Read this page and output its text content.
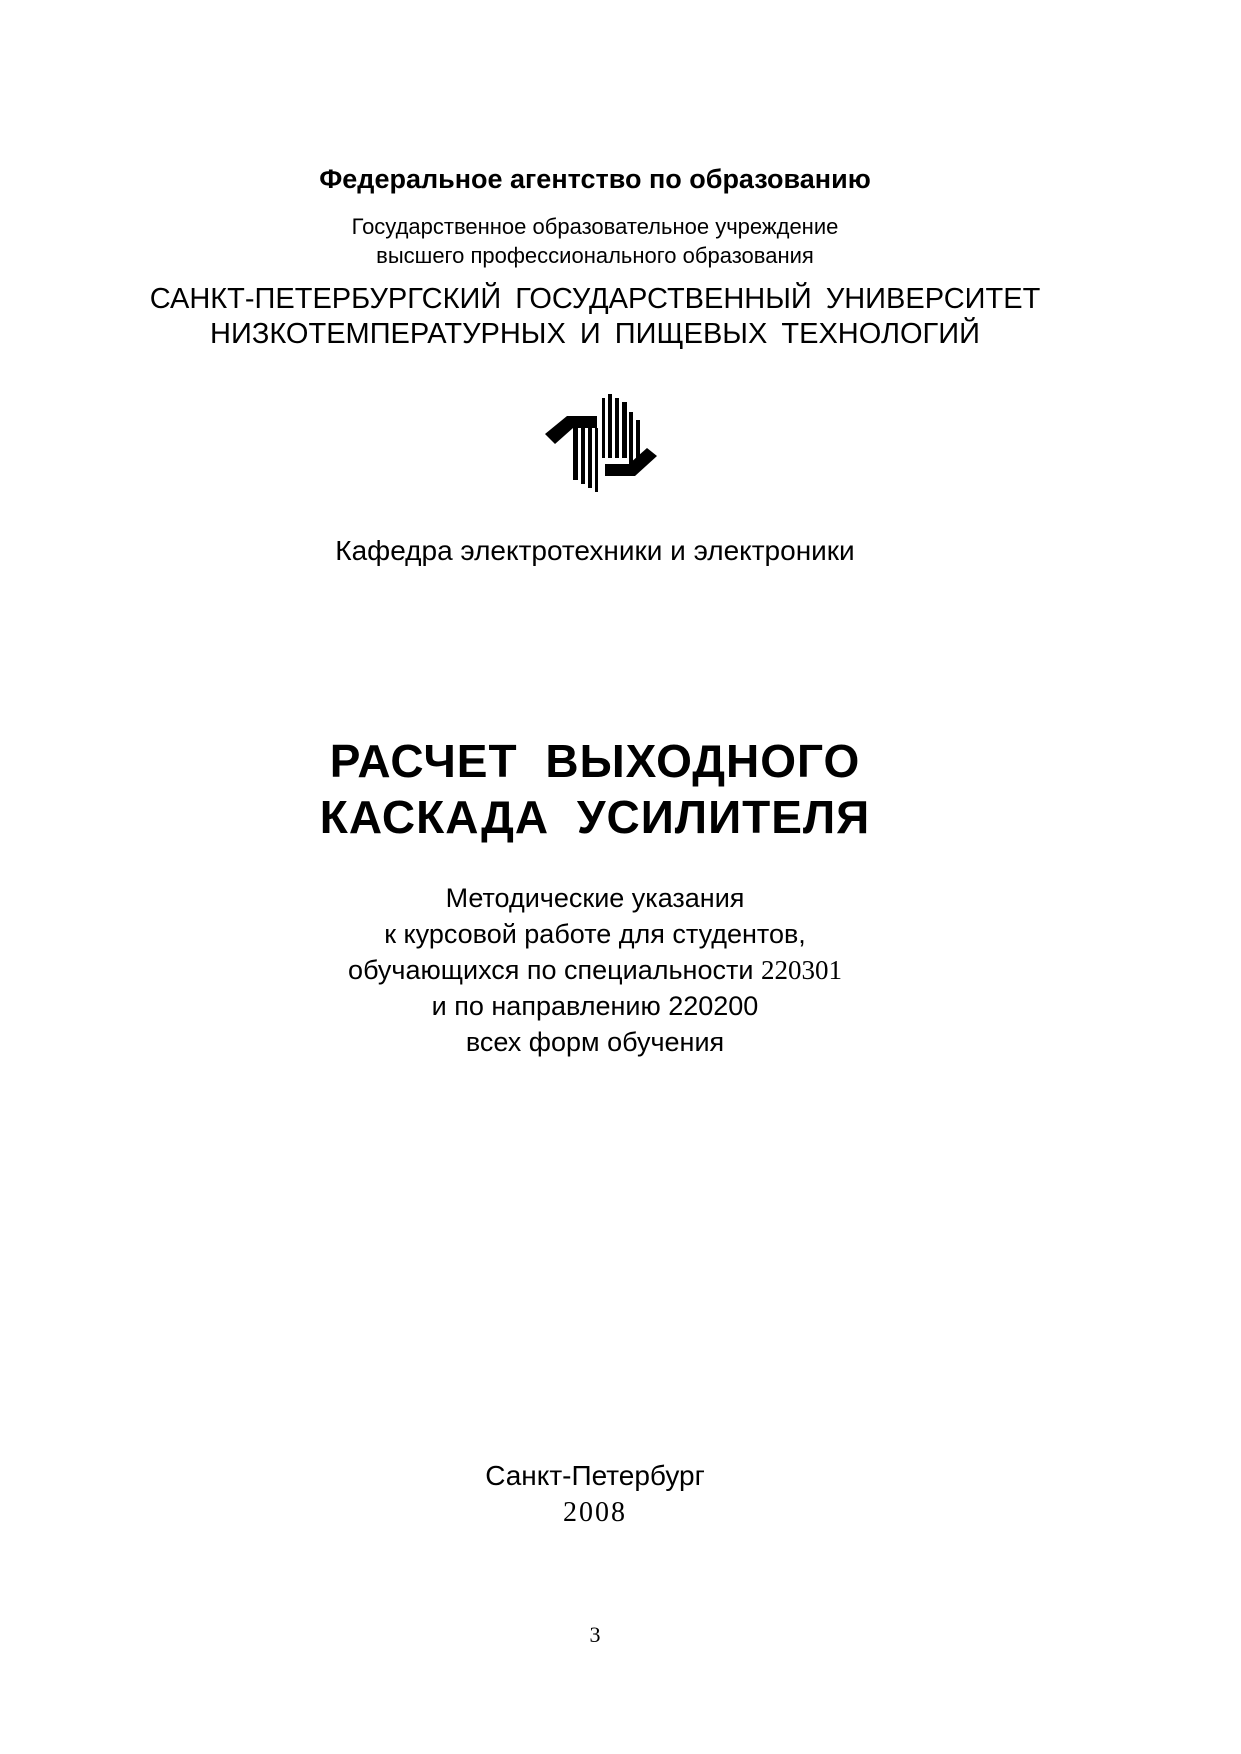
Федеральное агентство по образованию
Государственное образовательное учреждение
высшего профессионального образования
САНКТ-ПЕТЕРБУРГСКИЙ ГОСУДАРСТВЕННЫЙ УНИВЕРСИТЕТ
НИЗКОТЕМПЕРАТУРНЫХ И ПИЩЕВЫХ ТЕХНОЛОГИЙ
Кафедра электротехники и электроники
РАСЧЕТ ВЫХОДНОГО
КАСКАДА УСИЛИТЕЛЯ
Методические указания
к курсовой работе для студентов,
обучающихся по специальности 220301
и по направлению 220200
всех форм обучения
Санкт-Петербург
2008
3
